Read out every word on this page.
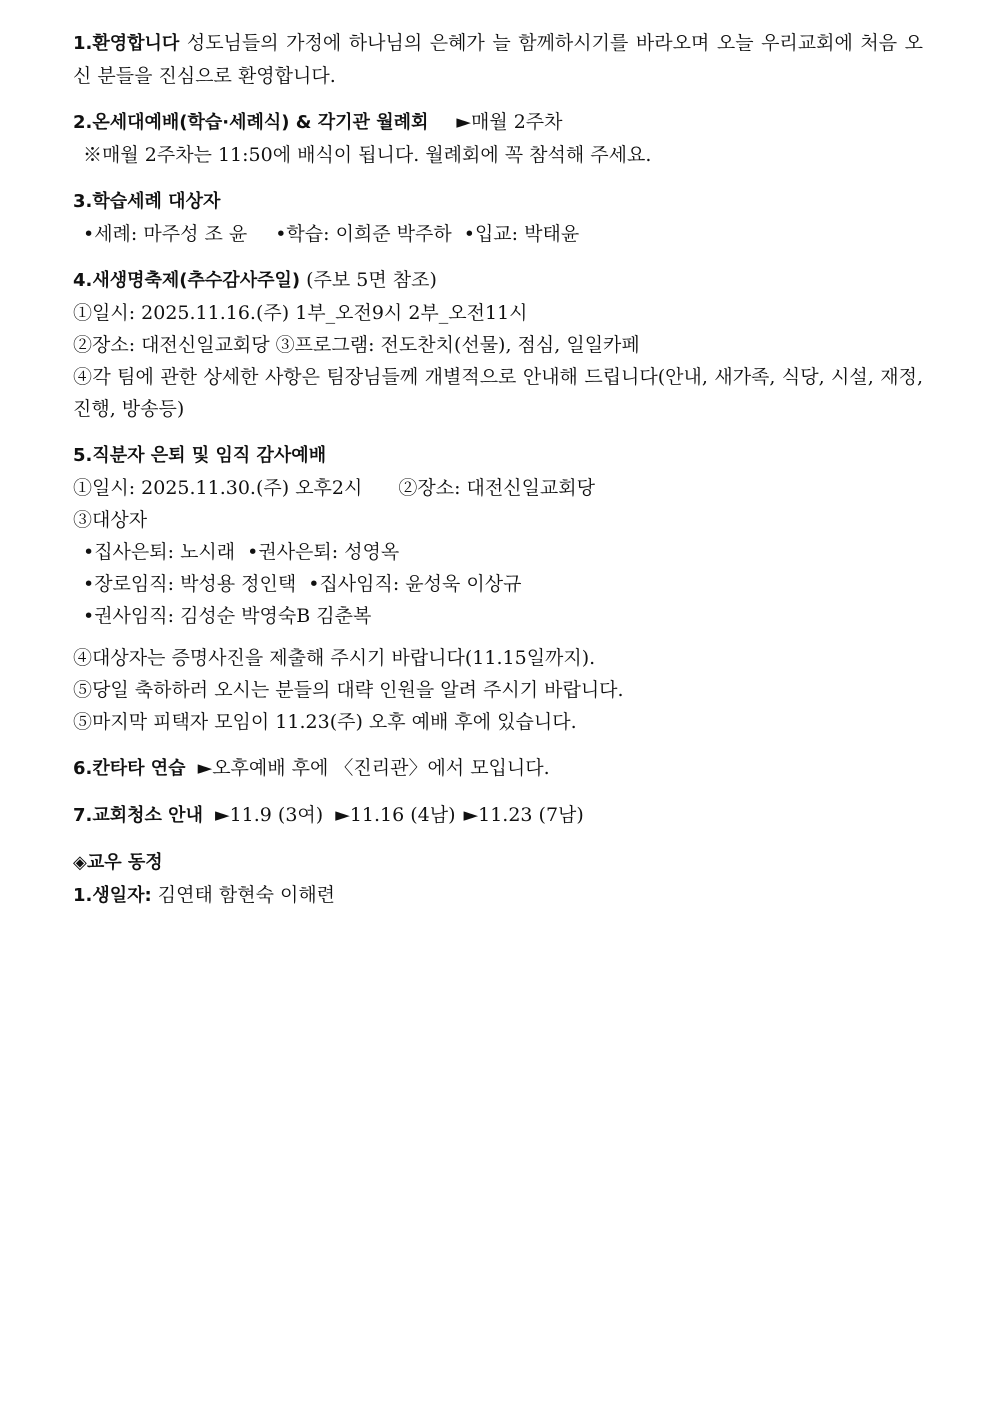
1.환영합니다 성도님들의 가정에 하나님의 은혜가 늘 함께하시기를 바라오며 오늘 우리교회에 처음 오신 분들을 진심으로 환영합니다.
2.온세대예배(학습·세례식) & 각기관 월례회 ►매월 2주차
※매월 2주차는 11:50에 배식이 됩니다. 월례회에 꼭 참석해 주세요.
3.학습세례 대상자
•세례: 마주성 조 윤 •학습: 이희준 박주하 •입교: 박태윤
4.새생명축제(추수감사주일) (주보 5면 참조)
①일시: 2025.11.16.(주) 1부_오전9시 2부_오전11시
②장소: 대전신일교회당 ③프로그램: 전도찬치(선물), 점심, 일일카페
④각 팀에 관한 상세한 사항은 팀장님들께 개별적으로 안내해 드립니다(안내, 새가족, 식당, 시설, 재정, 진행, 방송등)
5.직분자 은퇴 및 임직 감사예배
①일시: 2025.11.30.(주) 오후2시 ②장소: 대전신일교회당
③대상자
•집사은퇴: 노시래 •권사은퇴: 성영옥
•장로임직: 박성용 정인택 •집사임직: 윤성욱 이상규
•권사임직: 김성순 박영숙B 김춘복
④대상자는 증명사진을 제출해 주시기 바랍니다(11.15일까지).
⑤당일 축하하러 오시는 분들의 대략 인원을 알려 주시기 바랍니다.
⑤마지막 피택자 모임이 11.23(주) 오후 예배 후에 있습니다.
6.칸타타 연습 ►오후예배 후에 〈진리관〉에서 모입니다.
7.교회청소 안내 ►11.9 (3여) ►11.16 (4남) ►11.23 (7남)
◈교우 동정
1.생일자: 김연태 함현숙 이해련
